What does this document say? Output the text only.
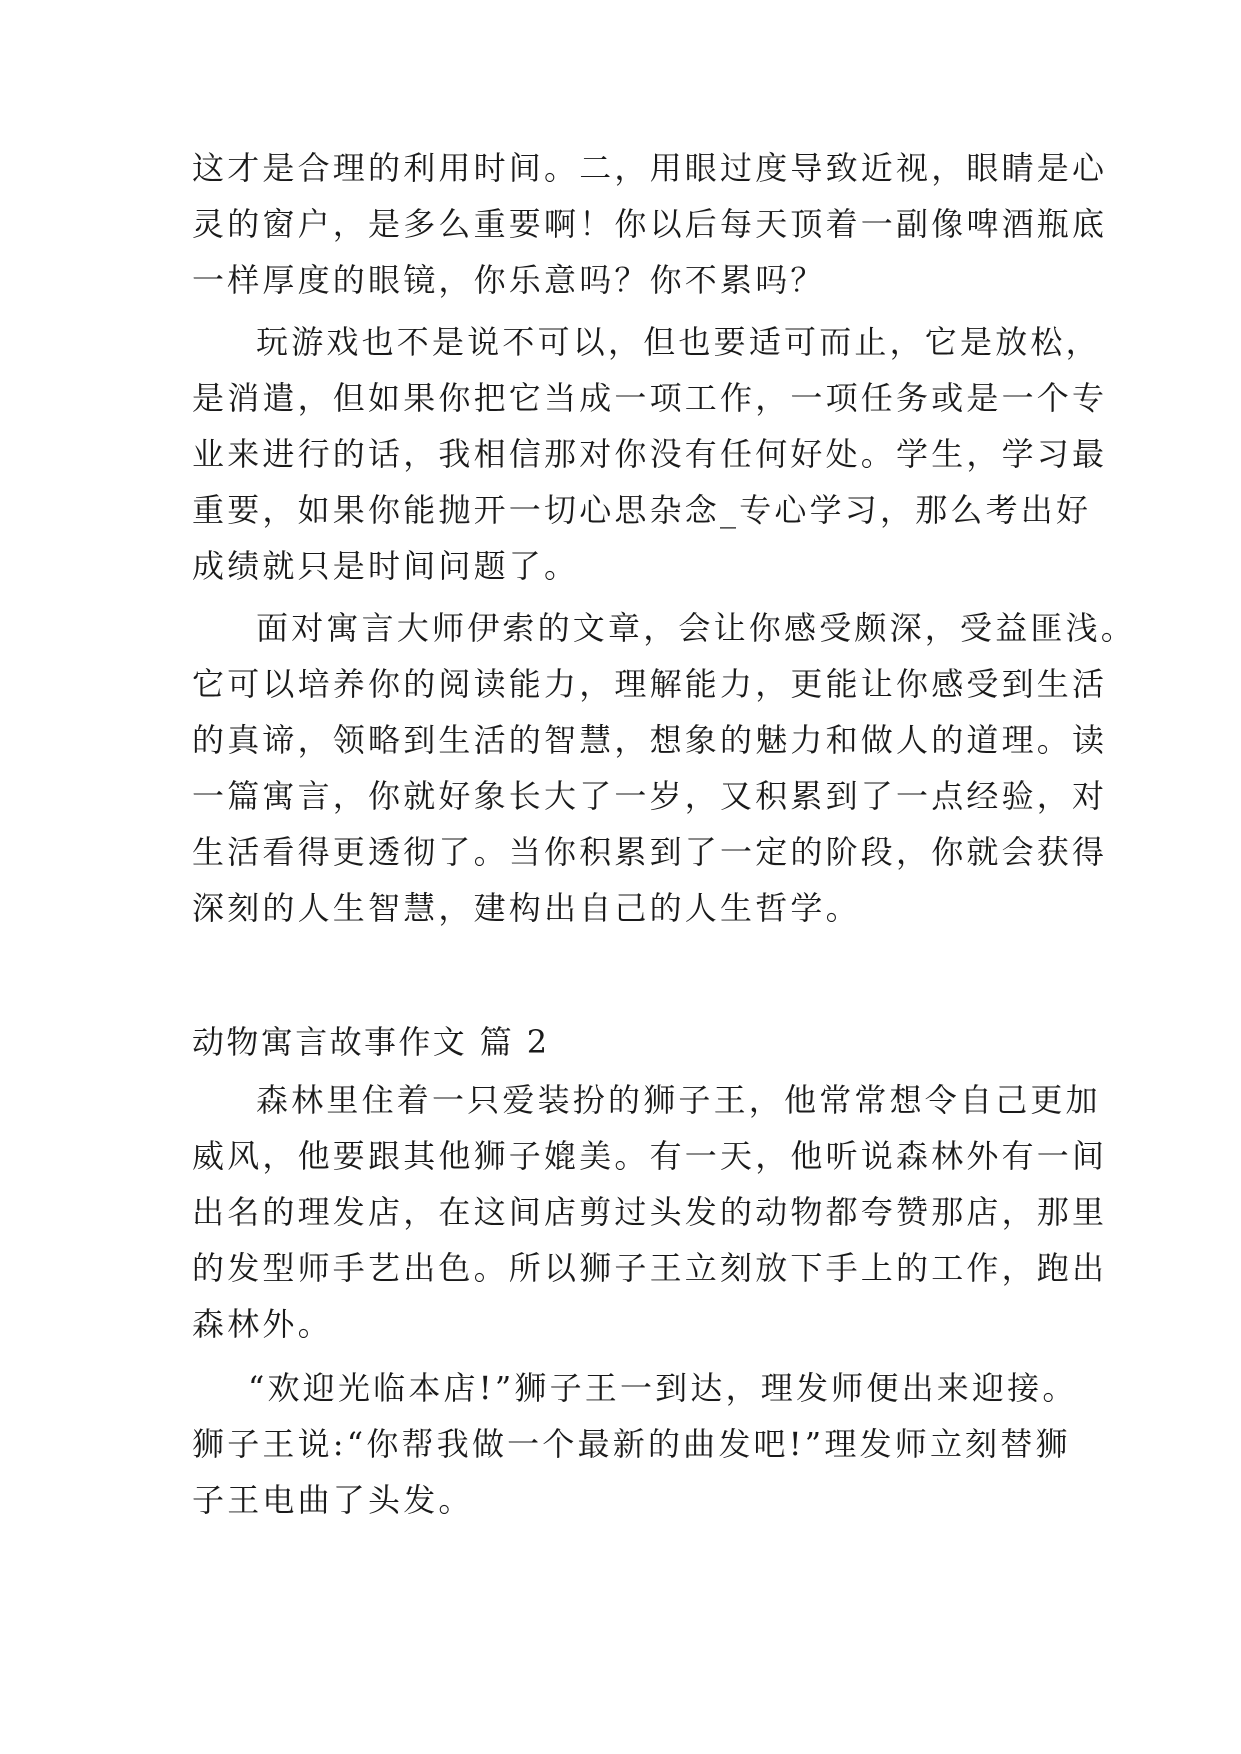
这才是合理的利用时间。二，用眼过度导致近视，眼睛是心
灵的窗户，是多么重要啊！你以后每天顶着一副像啤酒瓶底
一样厚度的眼镜，你乐意吗？你不累吗？
玩游戏也不是说不可以，但也要适可而止，它是放松，
是消遣，但如果你把它当成一项工作，一项任务或是一个专
业来进行的话，我相信那对你没有任何好处。学生，学习最
重要，如果你能抛开一切心思杂念_专心学习，那么考出好
成绩就只是时间问题了。
面对寓言大师伊索的文章，会让你感受颇深，受益匪浅。
它可以培养你的阅读能力，理解能力，更能让你感受到生活
的真谛，领略到生活的智慧，想象的魅力和做人的道理。读
一篇寓言，你就好象长大了一岁，又积累到了一点经验，对
生活看得更透彻了。当你积累到了一定的阶段，你就会获得
深刻的人生智慧，建构出自己的人生哲学。
动物寓言故事作文 篇 2
森林里住着一只爱装扮的狮子王，他常常想令自己更加
威风，他要跟其他狮子媲美。有一天，他听说森林外有一间
出名的理发店，在这间店剪过头发的动物都夸赞那店，那里
的发型师手艺出色。所以狮子王立刻放下手上的工作，跑出
森林外。
“欢迎光临本店!”狮子王一到达，理发师便出来迎接。
狮子王说:“你帮我做一个最新的曲发吧!”理发师立刻替狮
子王电曲了头发。
